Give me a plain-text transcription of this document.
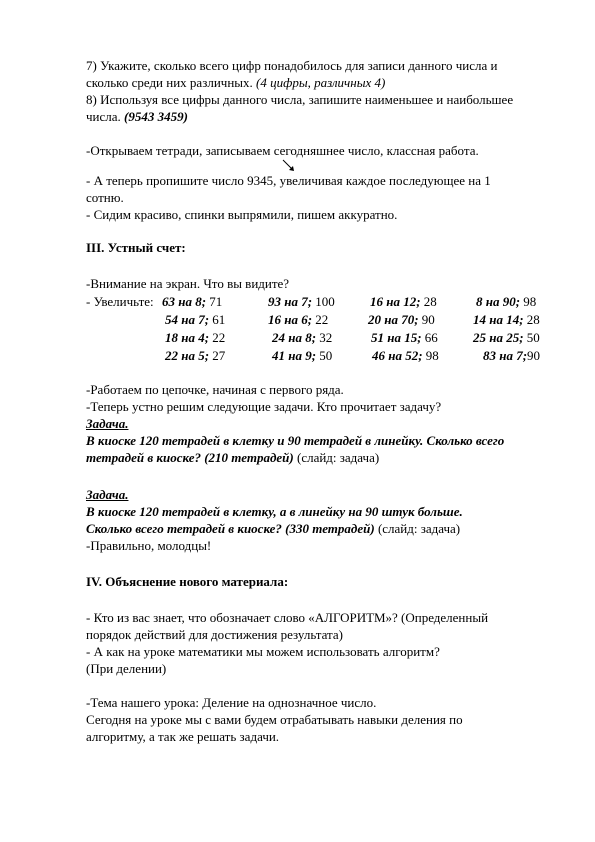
7) Укажите, сколько всего цифр понадобилось для записи данного числа и
сколько среди них различных. (4 цифры, различных 4)
8) Используя все цифры данного числа, запишите наименьшее и наибольшее
числа. (9543 3459)
-Открываем тетради, записываем сегодняшнее число, классная работа.
- А теперь пропишите число 9345, увеличивая каждое последующее на 1
сотню.
- Сидим красиво, спинки выпрямили, пишем аккуратно.
III. Устный счет:
-Внимание на экран. Что вы видите?
- Увеличьте: 63 на 8; 71	93 на 7; 100	16 на 12; 28	8 на 90; 98
54 на 7; 61	16 на 6; 22	20 на 70; 90	14 на 14; 28
18 на 4; 22	24 на 8; 32	51 на 15; 66	25 на 25; 50
22 на 5; 27	41 на 9; 50	46 на 52; 98	83 на 7;90
-Работаем по цепочке, начиная с первого ряда.
-Теперь устно решим следующие задачи. Кто прочитает задачу?
Задача.
В киоске 120 тетрадей в клетку и 90 тетрадей в линейку. Сколько всего
тетрадей в киоске? (210 тетрадей) (слайд: задача)
Задача.
В киоске 120 тетрадей в клетку, а в линейку на 90 штук больше.
Сколько всего тетрадей в киоске? (330 тетрадей) (слайд: задача)
-Правильно, молодцы!
IV. Объяснение нового материала:
- Кто из вас знает, что обозначает слово «АЛГОРИТМ»? (Определенный
порядок действий для достижения результата)
- А как на уроке математики мы можем использовать алгоритм?
(При делении)
-Тема нашего урока: Деление на однозначное число.
Сегодня на уроке мы с вами будем отрабатывать навыки деления по
алгоритму, а так же решать задачи.
